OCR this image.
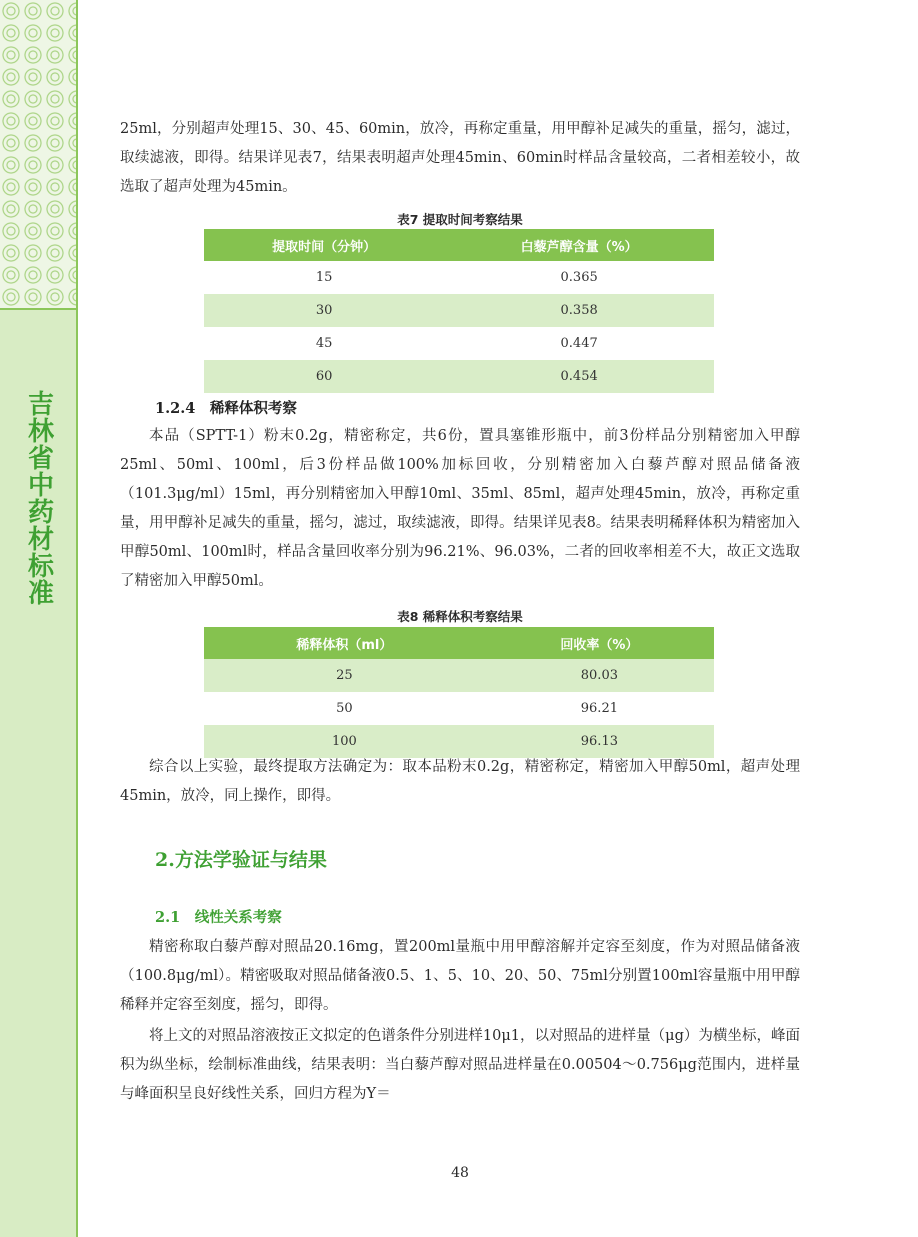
吉林省中药材标准
25ml，分别超声处理15、30、45、60min，放冷，再称定重量，用甲醇补足减失的重量，摇匀，滤过，取续滤液，即得。结果详见表7，结果表明超声处理45min、60min时样品含量较高，二者相差较小，故选取了超声处理为45min。
表7 提取时间考察结果
提取时间（分钟）	白藜芦醇含量（%）
15	0.365
30	0.358
45	0.447
60	0.454
1.2.4　稀释体积考察
本品（SPTT-1）粉末0.2g，精密称定，共6份，置具塞锥形瓶中，前3份样品分别精密加入甲醇25ml、50ml、100ml，后3份样品做100%加标回收，分别精密加入白藜芦醇对照品储备液（101.3μg/ml）15ml，再分别精密加入甲醇10ml、35ml、85ml，超声处理45min，放冷，再称定重量，用甲醇补足减失的重量，摇匀，滤过，取续滤液，即得。结果详见表8。结果表明稀释体积为精密加入甲醇50ml、100ml时，样品含量回收率分别为96.21%、96.03%，二者的回收率相差不大，故正文选取了精密加入甲醇50ml。
表8 稀释体积考察结果
稀释体积（ml）	回收率（%）
25	80.03
50	96.21
100	96.13
综合以上实验，最终提取方法确定为：取本品粉末0.2g，精密称定，精密加入甲醇50ml，超声处理45min，放冷，同上操作，即得。
2.方法学验证与结果
2.1　线性关系考察
精密称取白藜芦醇对照品20.16mg，置200ml量瓶中用甲醇溶解并定容至刻度，作为对照品储备液（100.8μg/ml）。精密吸取对照品储备液0.5、1、5、10、20、50、75ml分别置100ml容量瓶中用甲醇稀释并定容至刻度，摇匀，即得。
将上文的对照品溶液按正文拟定的色谱条件分别进样10μ1，以对照品的进样量（μg）为横坐标，峰面积为纵坐标，绘制标准曲线，结果表明：当白藜芦醇对照品进样量在0.00504～0.756μg范围内，进样量与峰面积呈良好线性关系，回归方程为Y＝
48
